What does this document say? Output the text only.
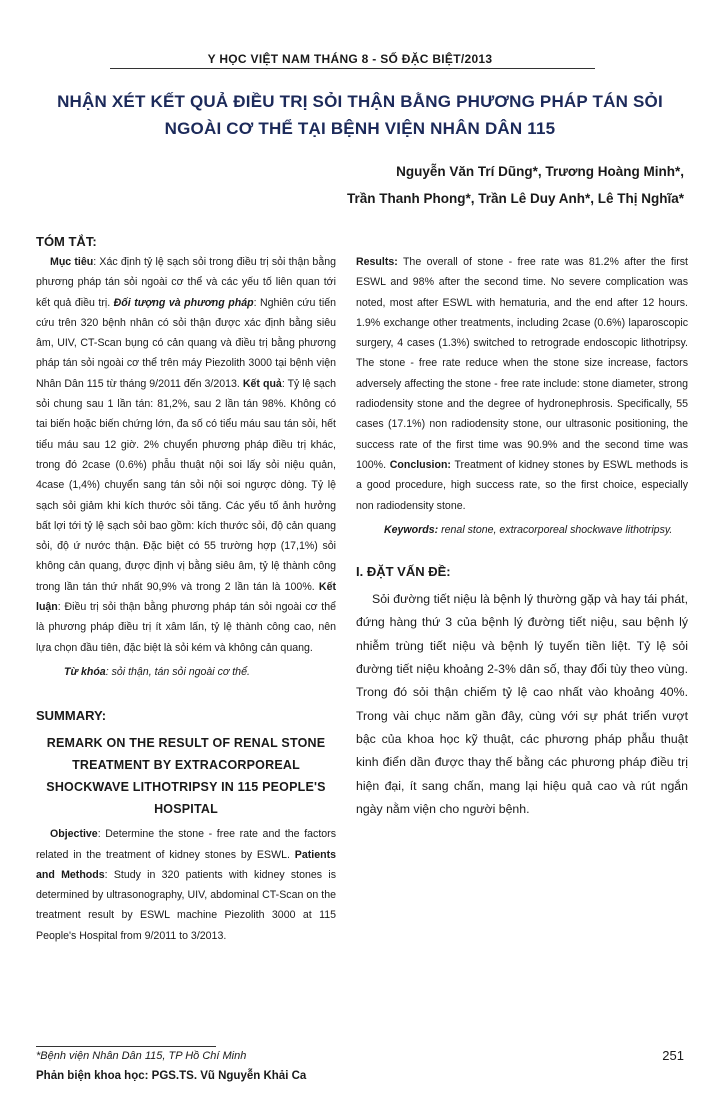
Y HỌC VIỆT NAM THÁNG 8 - SỐ ĐẶC BIỆT/2013
NHẬN XÉT KẾT QUẢ ĐIỀU TRỊ SỎI THẬN BẰNG PHƯƠNG PHÁP TÁN SỎI
NGOÀI CƠ THỂ TẠI BỆNH VIỆN NHÂN DÂN 115
Nguyễn Văn Trí Dũng*, Trương Hoàng Minh*,
Trần Thanh Phong*, Trần Lê Duy Anh*, Lê Thị Nghĩa*
TÓM TẮT:

Mục tiêu: Xác định tỷ lệ sạch sỏi trong điều trị sỏi thận bằng phương pháp tán sỏi ngoài cơ thể và các yếu tố liên quan tới kết quả điều trị. Đối tượng và phương pháp: Nghiên cứu tiến cứu trên 320 bệnh nhân có sỏi thận được xác định bằng siêu âm, UIV, CT-Scan bụng có cản quang và điều trị bằng phương pháp tán sỏi ngoài cơ thể trên máy Piezolith 3000 tại bệnh viện Nhân Dân 115 từ tháng 9/2011 đến 3/2013. Kết quả: Tỷ lệ sạch sỏi chung sau 1 lần tán: 81,2%, sau 2 lần tán 98%. Không có tai biến hoặc biến chứng lớn, đa số có tiểu máu sau tán sỏi, hết tiểu máu sau 12 giờ. 2% chuyển phương pháp điều trị khác, trong đó 2case (0.6%) phẫu thuật nội soi lấy sỏi niệu quản, 4case (1,4%) chuyển sang tán sỏi nội soi ngược dòng. Tỷ lệ sạch sỏi giảm khi kích thước sỏi tăng. Các yếu tố ảnh hưởng bất lợi tới tỷ lệ sạch sỏi bao gồm: kích thước sỏi, độ cản quang sỏi, độ ứ nước thận. Đặc biệt có 55 trường hợp (17,1%) sỏi không cản quang, được định vị bằng siêu âm, tỷ lệ thành công trong lần tán thứ nhất 90,9% và trong 2 lần tán là 100%. Kết luận: Điều trị sỏi thận bằng phương pháp tán sỏi ngoài cơ thể là phương pháp điều trị ít xâm lấn, tỷ lệ thành công cao, nên lựa chọn đầu tiên, đặc biệt là sỏi kém và không cản quang.

Từ khóa: sỏi thận, tán sỏi ngoài cơ thể.

SUMMARY:
REMARK ON THE RESULT OF RENAL STONE
TREATMENT BY EXTRACORPOREAL
SHOCKWAVE LITHOTRIPSY IN 115 PEOPLE'S
HOSPITAL

Objective: Determine the stone - free rate and the factors related in the treatment of kidney stones by ESWL. Patients and Methods: Study in 320 patients with kidney stones is determined by ultrasonography, UIV, abdominal CT-Scan on the treatment result by ESWL machine Piezolith 3000 at 115 People's Hospital from 9/2011 to 3/2013.

Results: The overall of stone - free rate was 81.2% after the first ESWL and 98% after the second time. No severe complication was noted, most after ESWL with hematuria, and the end after 12 hours. 1.9% exchange other treatments, including 2case (0.6%) laparoscopic surgery, 4 cases (1.3%) switched to retrograde endoscopic lithotripsy. The stone - free rate reduce when the stone size increase, factors adversely affecting the stone - free rate include: stone diameter, strong radiodensity stone and the degree of hydronephrosis. Specifically, 55 cases (17.1%) non radiodensity stone, our ultrasonic positioning, the success rate of the first time was 90.9% and the second time was 100%. Conclusion: Treatment of kidney stones by ESWL methods is a good procedure, high success rate, so the first choice, especially non radiodensity stone.

Keywords: renal stone, extracorporeal shockwave lithotripsy.

I. ĐẶT VẤN ĐỀ:

Sỏi đường tiết niệu là bệnh lý thường gặp và hay tái phát, đứng hàng thứ 3 của bệnh lý đường tiết niệu, sau bệnh lý nhiễm trùng tiết niệu và bệnh lý tuyến tiền liệt. Tỷ lệ sỏi đường tiết niệu khoảng 2-3% dân số, thay đổi tùy theo vùng. Trong đó sỏi thận chiếm tỷ lệ cao nhất vào khoảng 40%. Trong vài chục năm gần đây, cùng với sự phát triển vượt bậc của khoa học kỹ thuật, các phương pháp phẫu thuật kinh điển dần được thay thế bằng các phương pháp điều trị hiện đại, ít sang chấn, mang lại hiệu quả cao và rút ngắn ngày nằm viện cho người bệnh.

*Bệnh viện Nhân Dân 115, TP Hồ Chí Minh
Phản biện khoa học: PGS.TS. Vũ Nguyễn Khải Ca
251
